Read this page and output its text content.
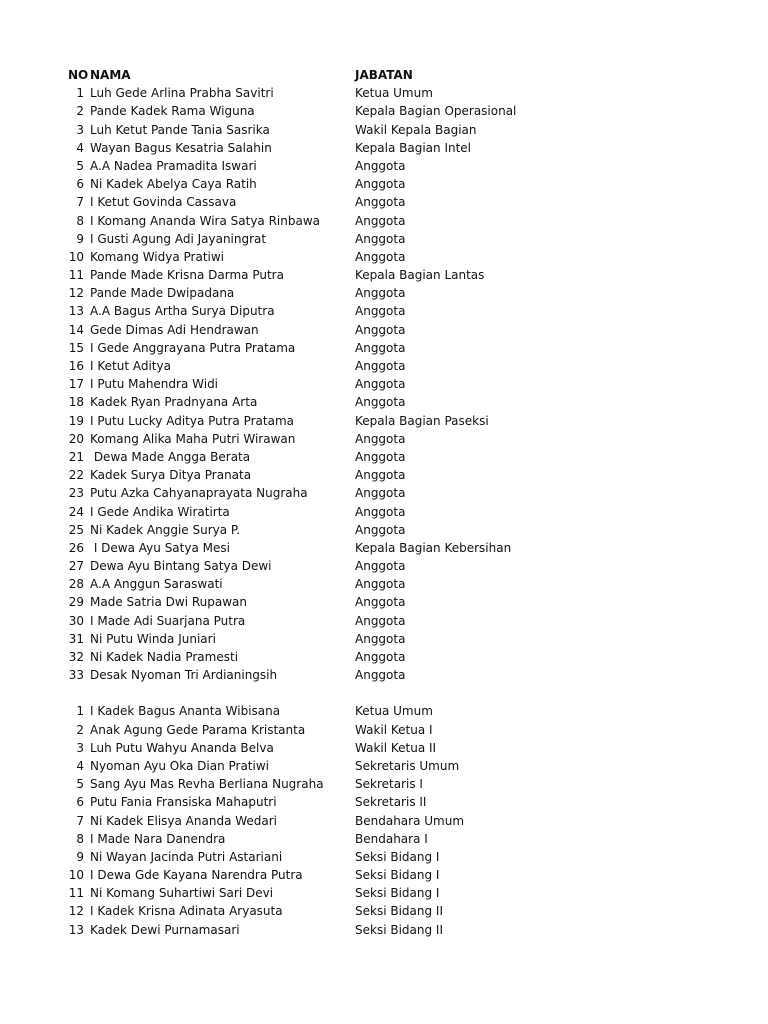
NO NAMA	JABATAN
1 Luh Gede Arlina Prabha Savitri	Ketua Umum
2 Pande Kadek Rama Wiguna	Kepala Bagian Operasional
3 Luh Ketut Pande Tania Sasrika	Wakil Kepala Bagian
4 Wayan Bagus Kesatria Salahin	Kepala Bagian Intel
5 A.A Nadea Pramadita Iswari	Anggota
6 Ni Kadek Abelya Caya Ratih	Anggota
7 I Ketut Govinda Cassava	Anggota
8 I Komang Ananda Wira Satya Rinbawa	Anggota
9 I Gusti Agung Adi Jayaningrat	Anggota
10 Komang Widya Pratiwi	Anggota
11 Pande Made Krisna Darma Putra	Kepala Bagian Lantas
12 Pande Made Dwipadana	Anggota
13 A.A Bagus Artha Surya Diputra	Anggota
14 Gede Dimas Adi Hendrawan	Anggota
15 I Gede Anggrayana Putra Pratama	Anggota
16 I Ketut Aditya	Anggota
17 I Putu Mahendra Widi	Anggota
18 Kadek Ryan Pradnyana Arta	Anggota
19 I Putu Lucky Aditya Putra Pratama	Kepala Bagian Paseksi
20 Komang Alika Maha Putri Wirawan	Anggota
21 Dewa Made Angga Berata	Anggota
22 Kadek Surya Ditya Pranata	Anggota
23 Putu Azka Cahyanaprayata Nugraha	Anggota
24 I Gede Andika Wiratirta	Anggota
25 Ni Kadek Anggie Surya P.	Anggota
26 I Dewa Ayu Satya Mesi	Kepala Bagian Kebersihan
27 Dewa Ayu Bintang Satya Dewi	Anggota
28 A.A Anggun Saraswati	Anggota
29 Made Satria Dwi Rupawan	Anggota
30 I Made Adi Suarjana Putra	Anggota
31 Ni Putu Winda Juniari	Anggota
32 Ni Kadek Nadia Pramesti	Anggota
33 Desak Nyoman Tri Ardianingsih	Anggota
1 I Kadek Bagus Ananta Wibisana	Ketua Umum
2 Anak Agung Gede Parama Kristanta	Wakil Ketua I
3 Luh Putu Wahyu Ananda Belva	Wakil Ketua II
4 Nyoman Ayu Oka Dian Pratiwi	Sekretaris Umum
5 Sang Ayu Mas Revha Berliana Nugraha	Sekretaris I
6 Putu Fania Fransiska Mahaputri	Sekretaris II
7 Ni Kadek Elisya Ananda Wedari	Bendahara Umum
8 I Made Nara Danendra	Bendahara I
9 Ni Wayan Jacinda Putri Astariani	Seksi Bidang I
10 I Dewa Gde Kayana Narendra Putra	Seksi Bidang I
11 Ni Komang Suhartiwi Sari Devi	Seksi Bidang I
12 I Kadek Krisna Adinata Aryasuta	Seksi Bidang II
13 Kadek Dewi Purnamasari	Seksi Bidang II
